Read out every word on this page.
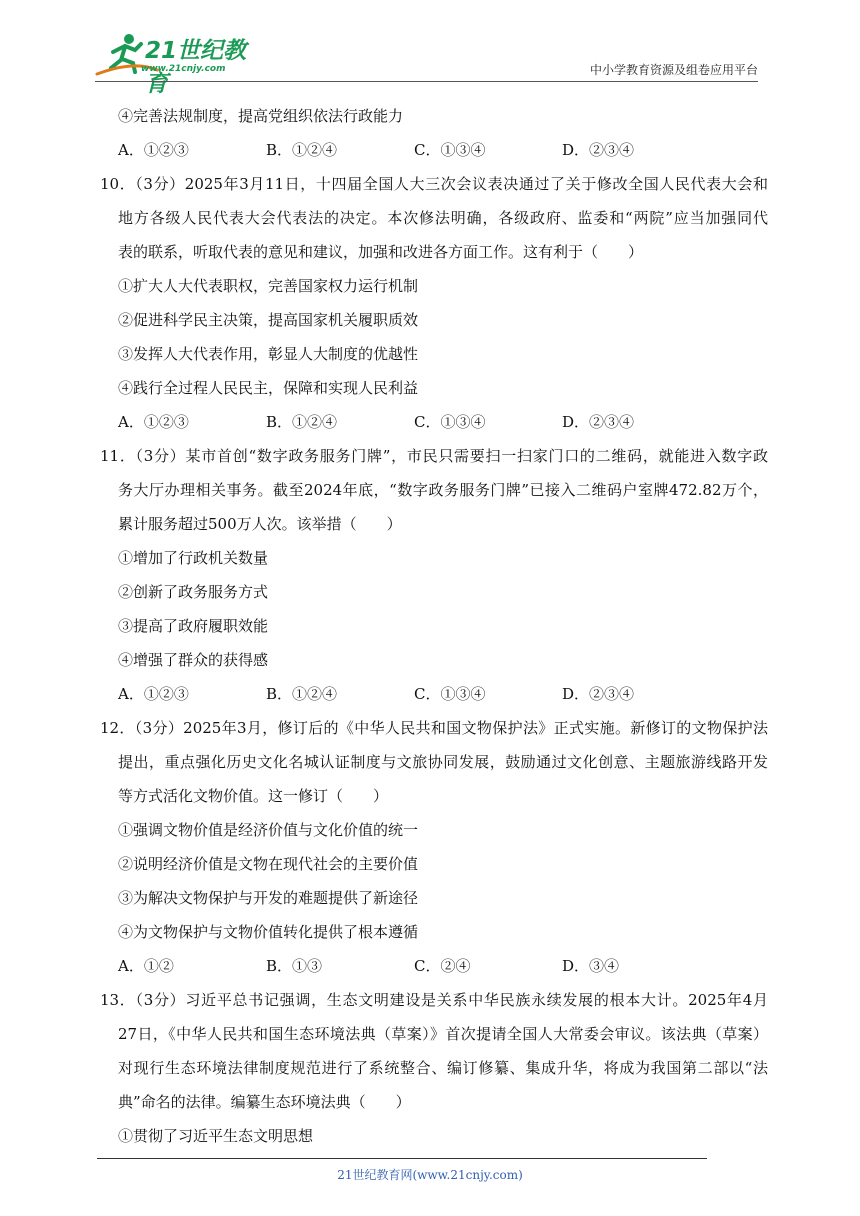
21世纪教育
www.21cnjy.com	中小学教育资源及组卷应用平台
④完善法规制度，提高党组织依法行政能力
A．①②③	B．①②④	C．①③④	D．②③④
10．（3分）2025年3月11日，十四届全国人大三次会议表决通过了关于修改全国人民代表大会和
地方各级人民代表大会代表法的决定。本次修法明确，各级政府、监委和“两院”应当加强同代
表的联系，听取代表的意见和建议，加强和改进各方面工作。这有利于（　　）
①扩大人大代表职权，完善国家权力运行机制
②促进科学民主决策，提高国家机关履职质效
③发挥人大代表作用，彰显人大制度的优越性
④践行全过程人民民主，保障和实现人民利益
A．①②③	B．①②④	C．①③④	D．②③④
11．（3分）某市首创“数字政务服务门牌”，市民只需要扫一扫家门口的二维码，就能进入数字政
务大厅办理相关事务。截至2024年底，“数字政务服务门牌”已接入二维码户室牌472.82万个，
累计服务超过500万人次。该举措（　　）
①增加了行政机关数量
②创新了政务服务方式
③提高了政府履职效能
④增强了群众的获得感
A．①②③	B．①②④	C．①③④	D．②③④
12．（3分）2025年3月，修订后的《中华人民共和国文物保护法》正式实施。新修订的文物保护法
提出，重点强化历史文化名城认证制度与文旅协同发展，鼓励通过文化创意、主题旅游线路开发
等方式活化文物价值。这一修订（　　）
①强调文物价值是经济价值与文化价值的统一
②说明经济价值是文物在现代社会的主要价值
③为解决文物保护与开发的难题提供了新途径
④为文物保护与文物价值转化提供了根本遵循
A．①②	B．①③	C．②④	D．③④
13．（3分）习近平总书记强调，生态文明建设是关系中华民族永续发展的根本大计。2025年4月
27日，《中华人民共和国生态环境法典（草案）》首次提请全国人大常委会审议。该法典（草案）
对现行生态环境法律制度规范进行了系统整合、编订修纂、集成升华，将成为我国第二部以“法
典”命名的法律。编纂生态环境法典（　　）
①贯彻了习近平生态文明思想
21世纪教育网(www.21cnjy.com)
